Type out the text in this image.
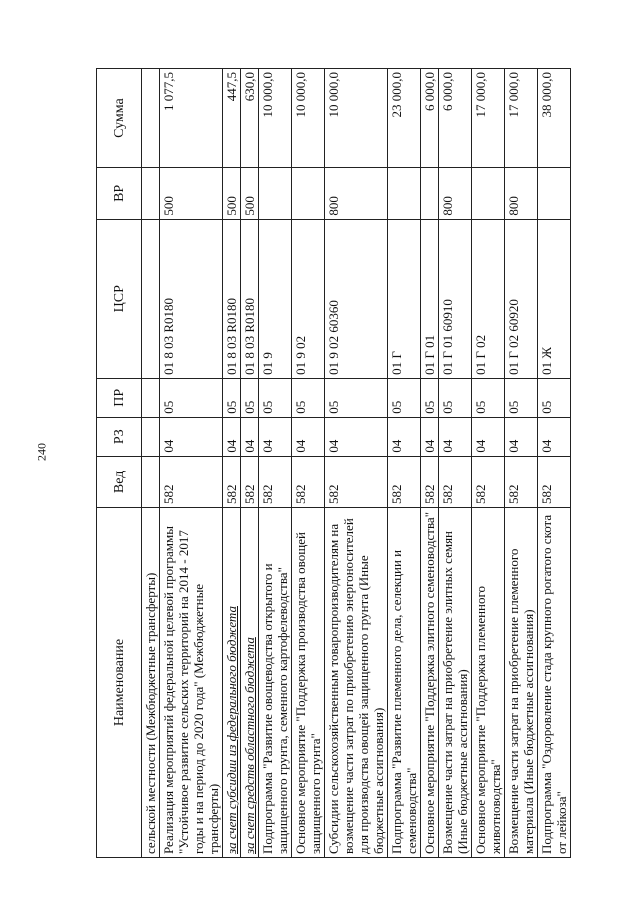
240
Наименование	Вед	РЗ	ПР	ЦСР	ВР	Сумма
сельской местности (Межбюджетные трансферты)						
Реализация мероприятий федеральной целевой программы "Устойчивое развитие сельских территорий на 2014 - 2017 годы и на период до 2020 года" (Межбюджетные трансферты)	582	04	05	01 8 03 R0180	500	1 077,5
за счет субсидии из федерального бюджета	582	04	05	01 8 03 R0180	500	447,5
за счет средств областного бюджета	582	04	05	01 8 03 R0180	500	630,0
Подпрограмма "Развитие овощеводства открытого и защищенного грунта, семенного картофелеводства"	582	04	05	01 9		10 000,0
Основное мероприятие "Поддержка производства овощей защищенного грунта"	582	04	05	01 9 02		10 000,0
Субсидии сельскохозяйственным товаропроизводителям на возмещение части затрат по приобретению энергоносителей для производства овощей защищенного грунта (Иные бюджетные ассигнования)	582	04	05	01 9 02 60360	800	10 000,0
Подпрограмма "Развитие племенного дела, селекции и семеноводства"	582	04	05	01 Г		23 000,0
Основное мероприятие "Поддержка элитного семеноводства"	582	04	05	01 Г 01		6 000,0
Возмещение части затрат на приобретение элитных семян (Иные бюджетные ассигнования)	582	04	05	01 Г 01 60910	800	6 000,0
Основное мероприятие "Поддержка племенного животноводства"	582	04	05	01 Г 02		17 000,0
Возмещение части затрат на приобретение племенного материала (Иные бюджетные ассигнования)	582	04	05	01 Г 02 60920	800	17 000,0
Подпрограмма "Оздоровление стада крупного рогатого скота от лейкоза"	582	04	05	01 Ж		38 000,0
